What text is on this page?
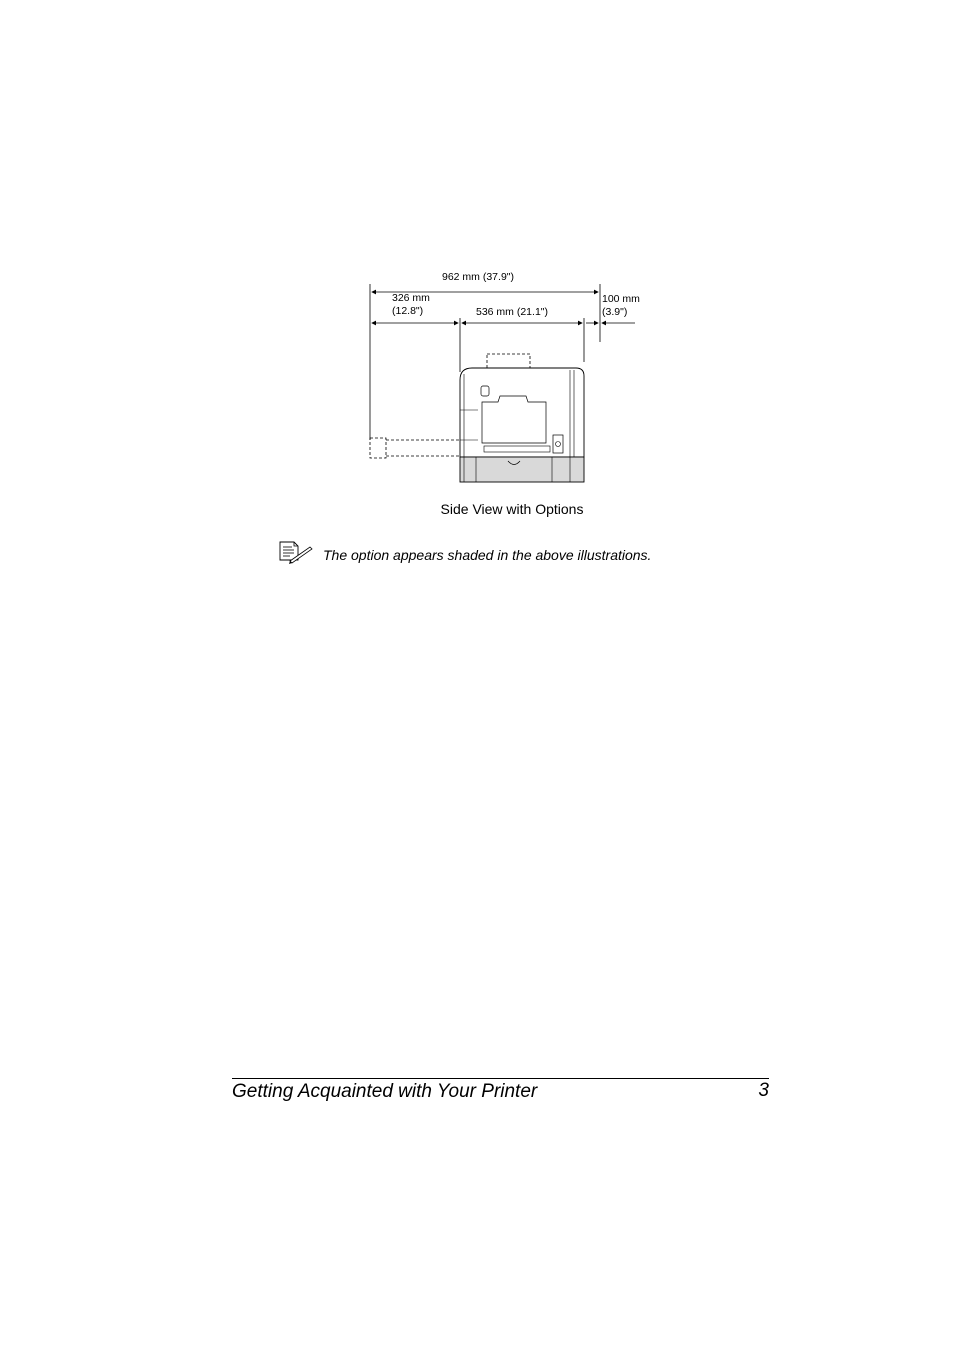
962 mm (37.9")
326 mm
(12.8")	536 mm (21.1")
100 mm
(3.9")
Side View with Options
The option appears shaded in the above illustrations.
Getting Acquainted with Your Printer	3
